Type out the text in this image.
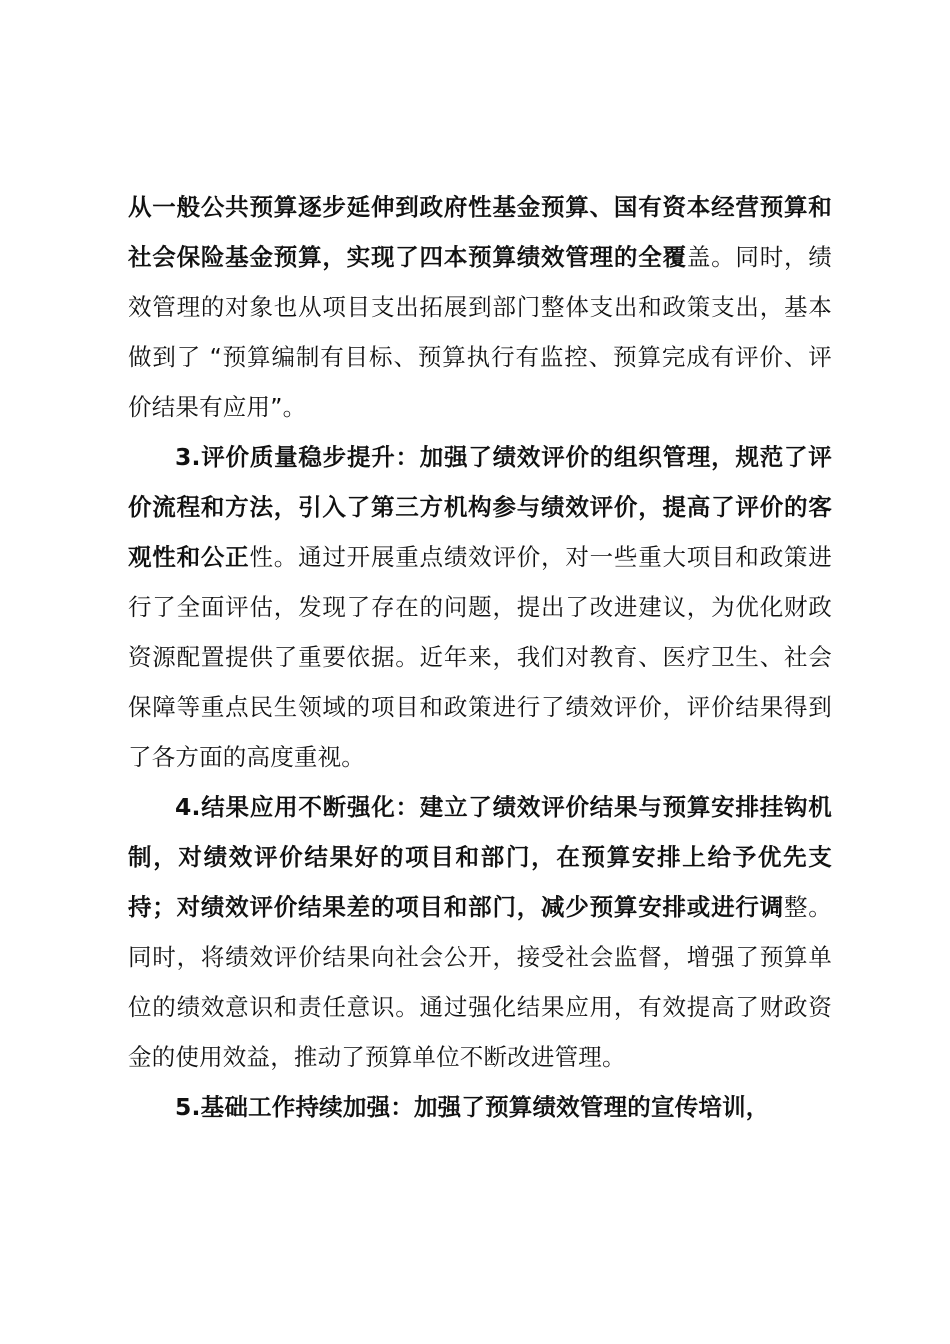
从一般公共预算逐步延伸到政府性基金预算、国有资本经营预算和社会保险基金预算，实现了四本预算绩效管理的全覆盖。同时，绩效管理的对象也从项目支出拓展到部门整体支出和政策支出，基本做到了 “预算编制有目标、预算执行有监控、预算完成有评价、评价结果有应用”。

3.评价质量稳步提升：加强了绩效评价的组织管理，规范了评价流程和方法，引入了第三方机构参与绩效评价，提高了评价的客观性和公正性。通过开展重点绩效评价，对一些重大项目和政策进行了全面评估，发现了存在的问题，提出了改进建议，为优化财政资源配置提供了重要依据。近年来，我们对教育、医疗卫生、社会保障等重点民生领域的项目和政策进行了绩效评价，评价结果得到了各方面的高度重视。

4.结果应用不断强化：建立了绩效评价结果与预算安排挂钩机制，对绩效评价结果好的项目和部门，在预算安排上给予优先支持；对绩效评价结果差的项目和部门，减少预算安排或进行调整。同时，将绩效评价结果向社会公开，接受社会监督，增强了预算单位的绩效意识和责任意识。通过强化结果应用，有效提高了财政资金的使用效益，推动了预算单位不断改进管理。

5.基础工作持续加强：加强了预算绩效管理的宣传培训，
